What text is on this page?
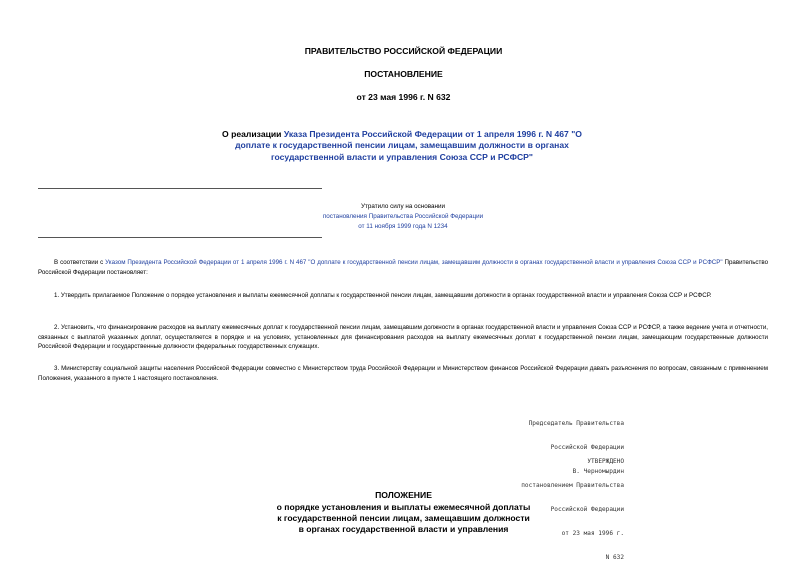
ПРАВИТЕЛЬСТВО РОССИЙСКОЙ ФЕДЕРАЦИИ
ПОСТАНОВЛЕНИЕ
от 23 мая 1996 г. N 632
О реализации Указа Президента Российской Федерации от 1 апреля 1996 г. N 467 "О доплате к государственной пенсии лицам, замещавшим должности в органах государственной власти и управления Союза ССР и РСФСР"
Утратило силу на основании
постановления Правительства Российской Федерации
от 11 ноября 1999 года N 1234
В соответствии с Указом Президента Российской Федерации от 1 апреля 1996 г. N 467 "О доплате к государственной пенсии лицам, замещавшим должности в органах государственной власти и управления Союза ССР и РСФСР" Правительство Российской Федерации постановляет:
1. Утвердить прилагаемое Положение о порядке установления и выплаты ежемесячной доплаты к государственной пенсии лицам, замещавшим должности в органах государственной власти и управления Союза ССР и РСФСР.
2. Установить, что финансирование расходов на выплату ежемесячных доплат к государственной пенсии лицам, замещавшим должности в органах государственной власти и управления Союза ССР и РСФСР, а также ведение учета и отчетности, связанных с выплатой указанных доплат, осуществляется в порядке и на условиях, установленных для финансирования расходов на выплату ежемесячных доплат к государственной пенсии лицам, замещающим государственные должности Российской Федерации и государственные должности федеральных государственных служащих.
3. Министерству социальной защиты населения Российской Федерации совместно с Министерством труда Российской Федерации и Министерством финансов Российской Федерации давать разъяснения по вопросам, связанным с применением Положения, указанного в пункте 1 настоящего постановления.

Председатель Правительства

Российской Федерации

В. Черномырдин

УТВЕРЖДЕНО

постановлением Правительства

Российской Федерации

от 23 мая 1996 г.

N 632

ПОЛОЖЕНИЕ
о порядке установления и выплаты ежемесячной доплаты
к государственной пенсии лицам, замещавшим должности
в органах государственной власти и управления
